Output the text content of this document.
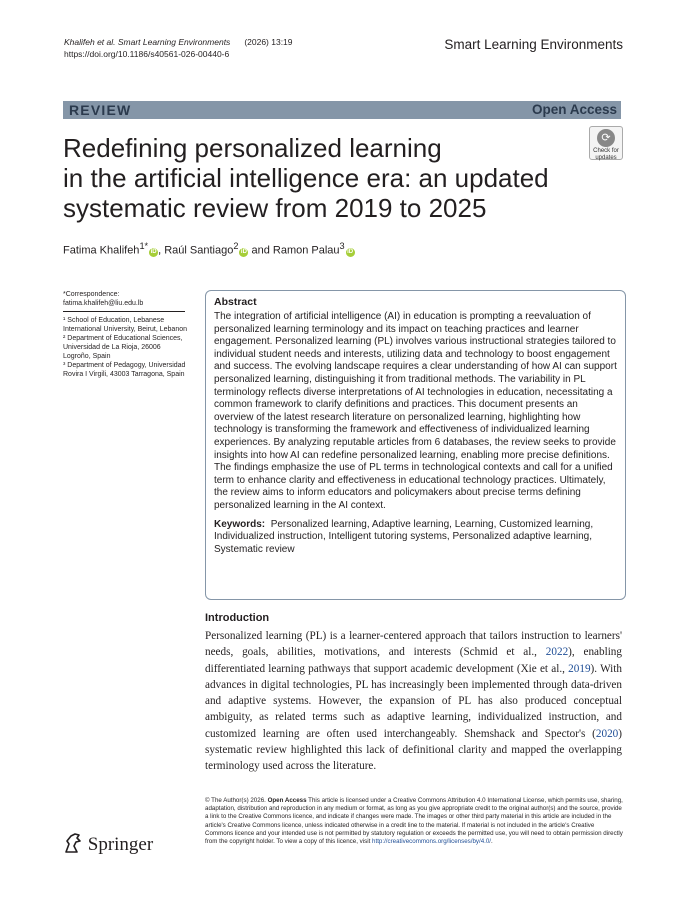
Khalifeh et al. Smart Learning Environments (2026) 13:19
https://doi.org/10.1186/s40561-026-00440-6
Smart Learning Environments
REVIEW	Open Access
⟳
Check for
updates
Redefining personalized learning
in the artificial intelligence era: an updated
systematic review from 2019 to 2025
Fatima Khalifeh$^{1*}$iD , Raúl Santiago$^2$iD and Ramon Palau$^3$iD

*Correspondence:

fatima.khalifeh@liu.edu.lb

¹ School of Education, Lebanese International University, Beirut, Lebanon

² Department of Educational Sciences, Universidad de La Rioja, 26006 Logroño, Spain

³ Department of Pedagogy, Universidad Rovira I Virgili, 43003 Tarragona, Spain

Abstract

The integration of artificial intelligence (AI) in education is prompting a reevaluation of personalized learning terminology and its impact on teaching practices and learner engagement. Personalized learning (PL) involves various instructional strategies tailored to individual student needs and interests, utilizing data and technology to boost engagement and success. The evolving landscape requires a clear understanding of how AI can support personalized learning, distinguishing it from traditional methods. The variability in PL terminology reflects diverse interpretations of AI technologies in education, necessitating a common framework to clarify definitions and practices. This document presents an overview of the latest research literature on personalized learning, highlighting how technology is transforming the framework and effectiveness of individualized learning experiences. By analyzing reputable articles from 6 databases, the review seeks to provide insights into how AI can redefine personalized learning, enabling more precise definitions. The findings emphasize the use of PL terms in technological contexts and call for a unified term to enhance clarity and effectiveness in educational technology practices. Ultimately, the review aims to inform educators and policymakers about precise terms defining personalized learning in the AI context.

Keywords: Personalized learning, Adaptive learning, Learning, Customized learning, Individualized instruction, Intelligent tutoring systems, Personalized adaptive learning, Systematic review

Introduction
Personalized learning (PL) is a learner-centered approach that tailors instruction to learners' needs, goals, abilities, motivations, and interests (Schmid et al., 2022), enabling differentiated learning pathways that support academic development (Xie et al., 2019). With advances in digital technologies, PL has increasingly been implemented through data-driven and adaptive systems. However, the expansion of PL has also produced conceptual ambiguity, as related terms such as adaptive learning, individualized instruction, and customized learning are often used interchangeably. Shemshack and Spector's (2020) systematic review highlighted this lack of definitional clarity and mapped the overlapping terminology used across the literature.
© The Author(s) 2026. Open Access This article is licensed under a Creative Commons Attribution 4.0 International License, which permits use, sharing, adaptation, distribution and reproduction in any medium or format, as long as you give appropriate credit to the original author(s) and the source, provide a link to the Creative Commons licence, and indicate if changes were made. The images or other third party material in this article are included in the article's Creative Commons licence, unless indicated otherwise in a credit line to the material. If material is not included in the article's Creative Commons licence and your intended use is not permitted by statutory regulation or exceeds the permitted use, you will need to obtain permission directly from the copyright holder. To view a copy of this licence, visit http://creativecommons.org/licenses/by/4.0/.
Springer
